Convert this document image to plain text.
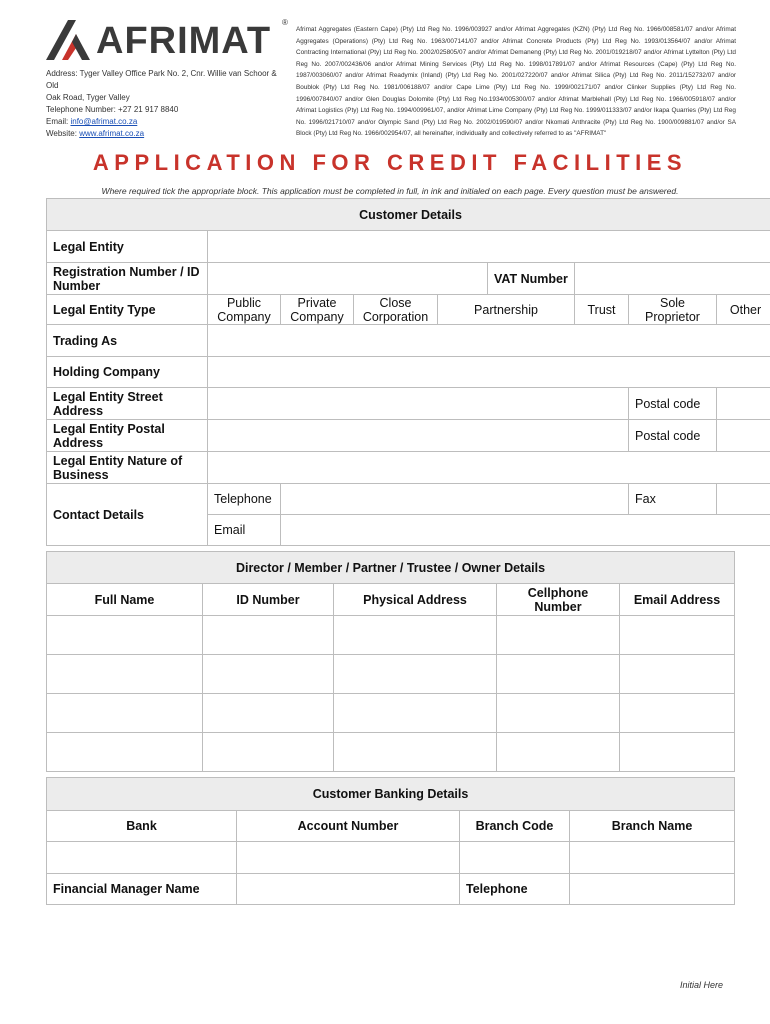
AFRIMAT ®
Address: Tyger Valley Office Park No. 2, Cnr. Willie van Schoor & Old
Oak Road, Tyger Valley
Telephone Number: +27 21 917 8840
Email: info@afrimat.co.za
Website: www.afrimat.co.za
Afrimat Aggregates (Eastern Cape) (Pty) Ltd Reg No. 1996/003927 and/or Afrimat Aggregates (KZN) (Pty) Ltd Reg No. 1966/008581/07 and/or Afrimat Aggregates (Operations) (Pty) Ltd Reg No. 1963/007141/07 and/or Afrimat Concrete Products (Pty) Ltd Reg No. 1993/013564/07 and/or Afrimat Contracting International (Pty) Ltd Reg No. 2002/025805/07 and/or Afrimat Demaneng (Pty) Ltd Reg No. 2001/019218/07 and/or Afrimat Lyttelton (Pty) Ltd Reg No. 2007/002436/06 and/or Afrimat Mining Services (Pty) Ltd Reg No. 1998/017891/07 and/or Afrimat Resources (Cape) (Pty) Ltd Reg No. 1987/003060/07 and/or Afrimat Readymix (Inland) (Pty) Ltd Reg No. 2001/027220/07 and/or Afrimat Silica (Pty) Ltd Reg No. 2011/152732/07 and/or Boublok (Pty) Ltd Reg No. 1981/006188/07 and/or Cape Lime (Pty) Ltd Reg No. 1999/002171/07 and/or Clinker Supplies (Pty) Ltd Reg No. 1996/007840/07 and/or Glen Douglas Dolomite (Pty) Ltd Reg No.1934/005300/07 and/or Afrimat Marblehall (Pty) Ltd Reg No. 1966/005918/07 and/or Afrimat Logistics (Pty) Ltd Reg No. 1994/009961/07, and/or Afrimat Lime Company (Pty) Ltd Reg No. 1999/011333/07 and/or Ikapa Quarries (Pty) Ltd Reg No. 1996/021710/07 and/or Olympic Sand (Pty) Ltd Reg No. 2002/019590/07 and/or Nkomati Anthracite (Pty) Ltd Reg No. 1900/009881/07 and/or SA Block (Pty) Ltd Reg No. 1966/002954/07, all hereinafter, individually and collectively referred to as "AFRIMAT"
APPLICATION FOR CREDIT FACILITIES
Where required tick the appropriate block. This application must be completed in full, in ink and initialed on each page. Every question must be answered.
Customer Details								
Legal Entity								
Registration Number / ID Number					VAT Number			
Legal Entity Type	Public Company	Private Company	Close Corporation	Partnership		Trust	Sole Proprietor	Other
Trading As								
Holding Company								
Legal Entity Street Address							Postal code	
Legal Entity Postal Address							Postal code	
Legal Entity Nature of Business								
Contact Details	Telephone						Fax	
	Email							
Director / Member / Partner / Trustee / Owner Details				
Full Name	ID Number	Physical Address	Cellphone Number	Email Address

Customer Banking Details			
Bank	Account Number	Branch Code	Branch Name

Financial Manager Name		Telephone	
Initial Here
